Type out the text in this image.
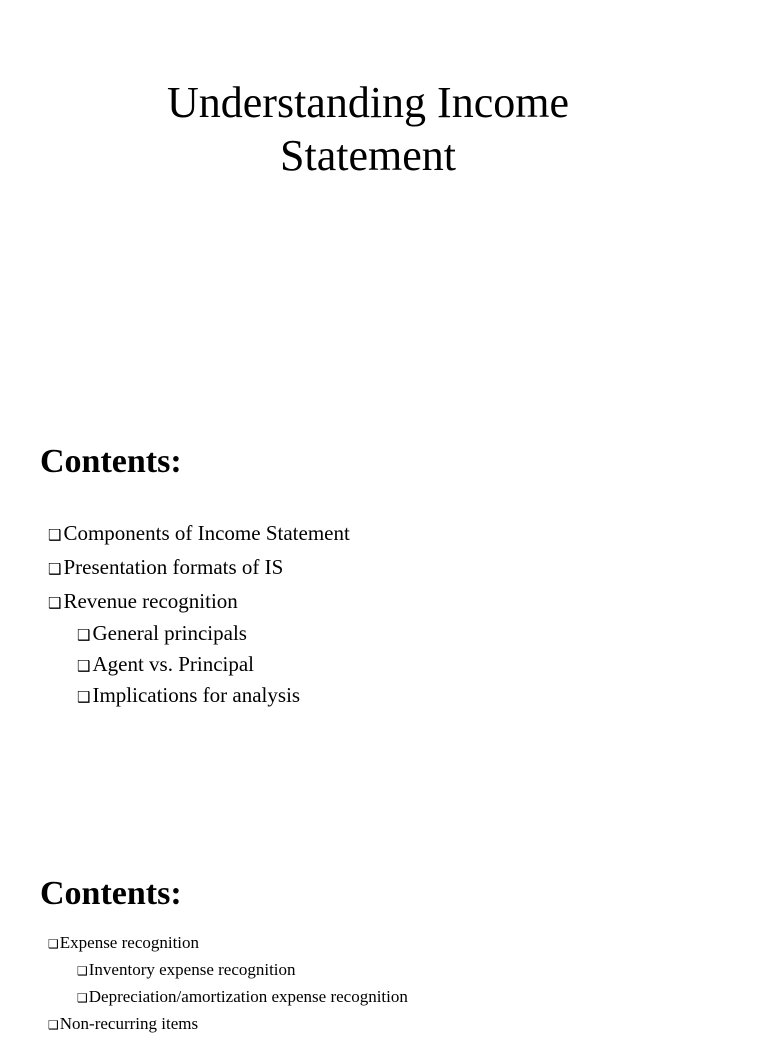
Understanding Income
Statement
Contents:
❑Components of Income Statement
❑Presentation formats of IS
❑Revenue recognition
❑General principals
❑Agent vs. Principal
❑Implications for analysis
Contents:
❑Expense recognition
❑Inventory expense recognition
❑Depreciation/amortization expense recognition
❑Non-recurring items
